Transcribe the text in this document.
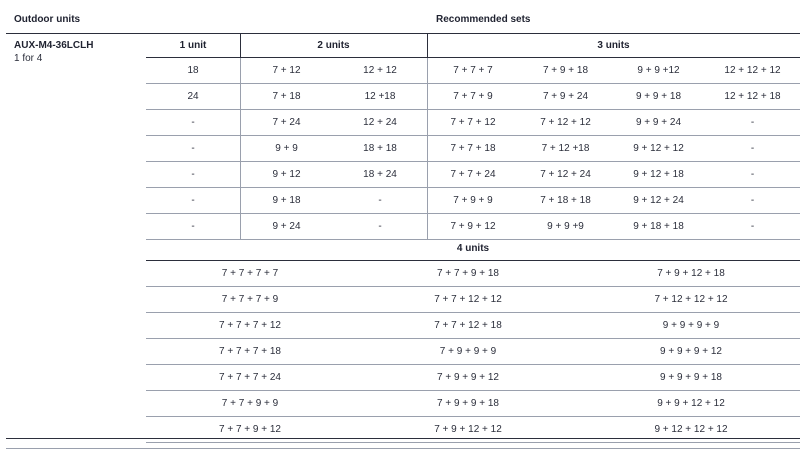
Outdoor units	Recommended sets
AUX-M4-36LCLH
1 for 4
1 unit	2 units	3 units
18	7 + 12	12 + 12	7 + 7 + 7	7 + 9 + 18	9 + 9 +12	12 + 12 + 12
24	7 + 18	12 +18	7 + 7 + 9	7 + 9 + 24	9 + 9 + 18	12 + 12 + 18
-	7 + 24	12 + 24	7 + 7 + 12	7 + 12 + 12	9 + 9 + 24	-
-	9 + 9	18 + 18	7 + 7 + 18	7 + 12 +18	9 + 12 + 12	-
-	9 + 12	18 + 24	7 + 7 + 24	7 + 12 + 24	9 + 12 + 18	-
-	9 + 18	-	7 + 9 + 9	7 + 18 + 18	9 + 12 + 24	-
-	9 + 24	-	7 + 9 + 12	9 + 9 +9	9 + 18 + 18	-
4 units
7 + 7 + 7 + 7	7 + 7 + 9 + 18	7 + 9 + 12 + 18
7 + 7 + 7 + 9	7 + 7 + 12 + 12	7 + 12 + 12 + 12
7 + 7 + 7 + 12	7 + 7 + 12 + 18	9 + 9 + 9 + 9
7 + 7 + 7 + 18	7 + 9 + 9 + 9	9 + 9 + 9 + 12
7 + 7 + 7 + 24	7 + 9 + 9 + 12	9 + 9 + 9 + 18
7 + 7 + 9 + 9	7 + 9 + 9 + 18	9 + 9 + 12 + 12
7 + 7 + 9 + 12	7 + 9 + 12 + 12	9 + 12 + 12 + 12
